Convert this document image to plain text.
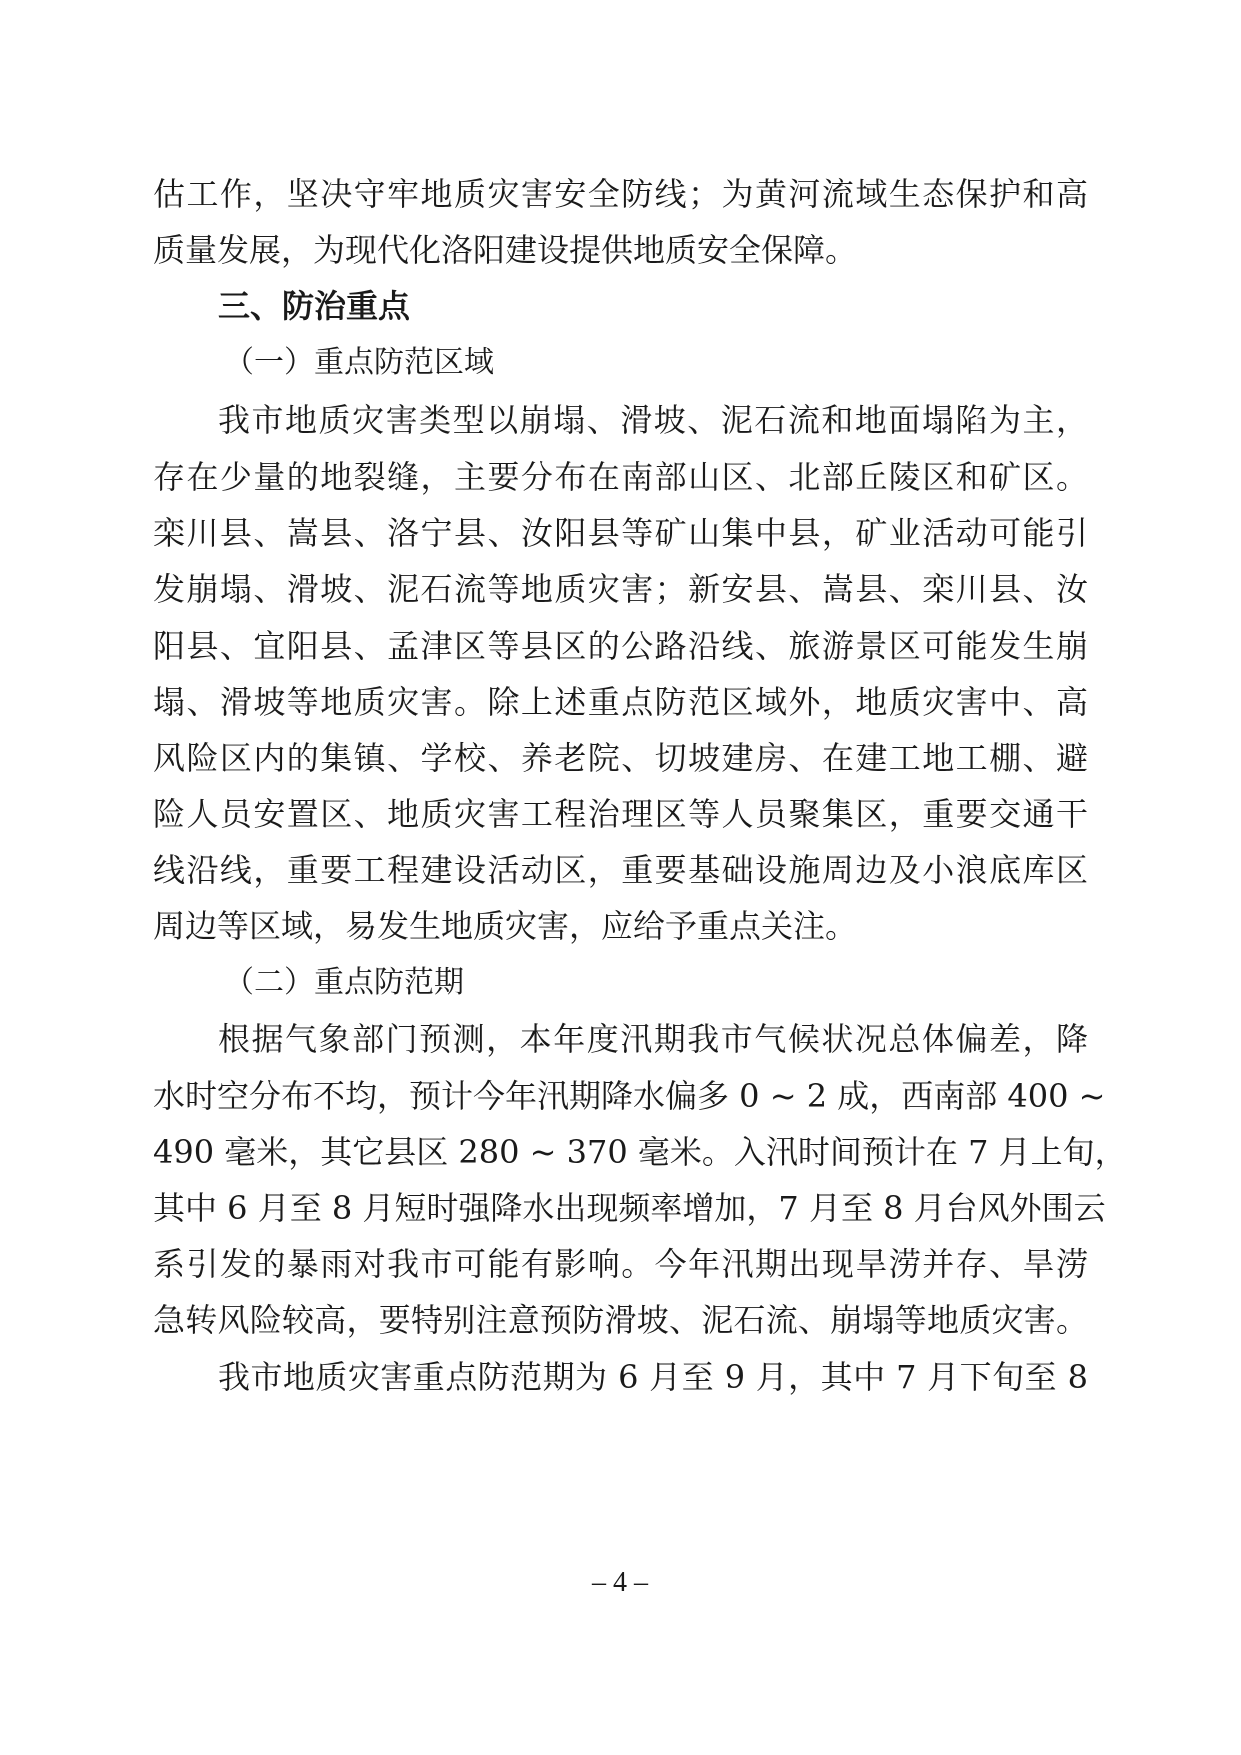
估工作，坚决守牢地质灾害安全防线；为黄河流域生态保护和高
质量发展，为现代化洛阳建设提供地质安全保障。
三、防治重点
（一）重点防范区域
我市地质灾害类型以崩塌、滑坡、泥石流和地面塌陷为主，
存在少量的地裂缝，主要分布在南部山区、北部丘陵区和矿区。
栾川县、嵩县、洛宁县、汝阳县等矿山集中县，矿业活动可能引
发崩塌、滑坡、泥石流等地质灾害；新安县、嵩县、栾川县、汝
阳县、宜阳县、孟津区等县区的公路沿线、旅游景区可能发生崩
塌、滑坡等地质灾害。除上述重点防范区域外，地质灾害中、高
风险区内的集镇、学校、养老院、切坡建房、在建工地工棚、避
险人员安置区、地质灾害工程治理区等人员聚集区，重要交通干
线沿线，重要工程建设活动区，重要基础设施周边及小浪底库区
周边等区域，易发生地质灾害，应给予重点关注。
（二）重点防范期
根据气象部门预测，本年度汛期我市气候状况总体偏差，降
水时空分布不均，预计今年汛期降水偏多 0 ~ 2 成，西南部 400 ~
490 毫米，其它县区 280 ~ 370 毫米。入汛时间预计在 7 月上旬，
其中 6 月至 8 月短时强降水出现频率增加，7 月至 8 月台风外围云
系引发的暴雨对我市可能有影响。今年汛期出现旱涝并存、旱涝
急转风险较高，要特别注意预防滑坡、泥石流、崩塌等地质灾害。
我市地质灾害重点防范期为 6 月至 9 月，其中 7 月下旬至 8
– 4 –
